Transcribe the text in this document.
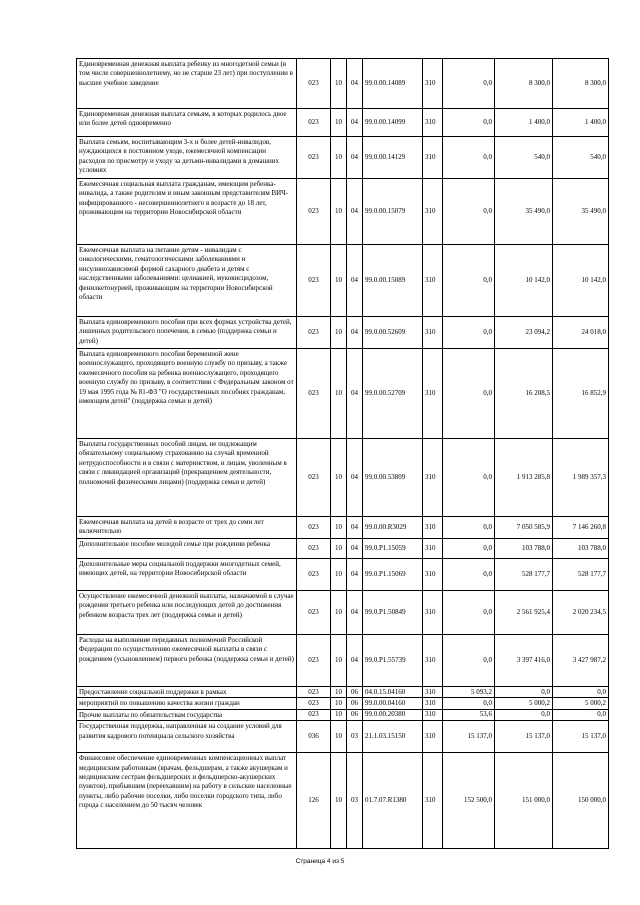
Единовременная денежная выплата ребенку из многодетной семьи (в том числе совершеннолетнему, но не старше 23 лет) при поступлении в высшее учебное заведение	023	10	04	99.0.00.14089	310	0,0	8 300,0	8 300,0
Единовременная денежная выплата семьям, в которых родилось двое или более детей одновременно	023	10	04	99.0.00.14099	310	0,0	1 400,0	1 400,0
Выплата семьям, воспитывающим 3-х и более детей-инвалидов, нуждающихся в постоянном уходе, ежемесячной компенсации расходов по присмотру и уходу за детьми-инвалидами в домашних условиях	023	10	04	99.0.00.14129	310	0,0	540,0	540,0
Ежемесячная социальная выплата гражданам, имеющим ребенка-инвалида, а также родителям и иным законным представителям ВИЧ-инфицированного - несовершеннолетнего в возрасте до 18 лет, проживающим на территории Новосибирской области	023	10	04	99.0.00.15079	310	0,0	35 490,0	35 490,0
Ежемесячная выплата на питание детям - инвалидам с онкологическими, гематологическими заболеваниями и инсулинозависимой формой сахарного диабета и детям с наследственными заболеваниями: целиакией, муковисцидозом, фенилкетонурией, проживающим на территории Новосибирской области	023	10	04	99.0.00.15089	310	0,0	10 142,0	10 142,0
Выплата единовременного пособия при всех формах устройства детей, лишенных родительского попечения, в семью (поддержка семьи и детей)	023	10	04	99.0.00.52609	310	0,0	23 094,2	24 018,0
Выплата единовременного пособия беременной жене военнослужащего, проходящего военную службу по призыву, а также ежемесячного пособия на ребенка военнослужащего, проходящего военную службу по призыву, в соответствии с Федеральным законом от 19 мая 1995 года № 81-ФЗ "О государственных пособиях гражданам, имеющим детей" (поддержка семьи и детей)	023	10	04	99.0.00.52709	310	0,0	16 208,5	16 852,9
Выплаты государственных пособий лицам, не подлежащим обязательному социальному страхованию на случай временной нетрудоспособности и в связи с материнством, и лицам, уволенным в связи с ликвидацией организаций (прекращением деятельности, полномочий физическими лицами) (поддержка семьи и детей)	023	10	04	99.0.00.53809	310	0,0	1 913 285,8	1 989 357,3
Ежемесячная выплата на детей в возрасте от трех до семи лет включительно	023	10	04	99.0.00.R3029	310	0,0	7 050 585,9	7 146 260,8
Дополнительное пособие молодой семье при рождении ребенка	023	10	04	99.0.P1.15059	310	0,0	103 788,0	103 788,0
Дополнительные меры социальной поддержки многодетных семей, имеющих детей, на территории Новосибирской области	023	10	04	99.0.P1.15069	310	0,0	528 177,7	528 177,7
Осуществление ежемесячной денежной выплаты, назначаемой в случае рождения третьего ребенка или последующих детей до достижения ребенком возраста трех лет (поддержка семьи и детей)	023	10	04	99.0.P1.50849	310	0,0	2 561 925,4	2 020 234,5
Расходы на выполнение переданных полномочий Российской Федерации по осуществлению ежемесячной выплаты в связи с рождением (усыновлением) первого ребенка (поддержка семьи и детей)	023	10	04	99.0.P1.55739	310	0,0	3 397 416,0	3 427 987,2
Предоставление социальной поддержки в рамках	023	10	06	04.0.15.04160	310	5 093,2	0,0	0,0
мероприятий по повышению качества жизни граждан	023	10	06	99.0.00.04160	310	0,0	5 000,2	5 000,2
Прочие выплаты по обязательствам государства	023	10	06	99.0.00.20380	310	53,6	0,0	0,0
Государственная поддержка, направленная на создание условий для развития кадрового потенциала сельского хозяйства	036	10	03	21.1.03.15150	310	15 137,0	15 137,0	15 137,0
Финансовое обеспечение единовременных компенсационных выплат медицинским работникам (врачам, фельдшерам, а также акушеркам и медицинским сестрам фельдшерских и фельдшерско-акушерских пунктов), прибывшим (переехавшим) на работу в сельские населенные пункты, либо рабочие поселки, либо поселки городского типа, либо города с населением до 50 тысяч человек	126	10	03	01.7.07.R1380	310	152 500,0	151 000,0	150 000,0
Страница 4 из 5
